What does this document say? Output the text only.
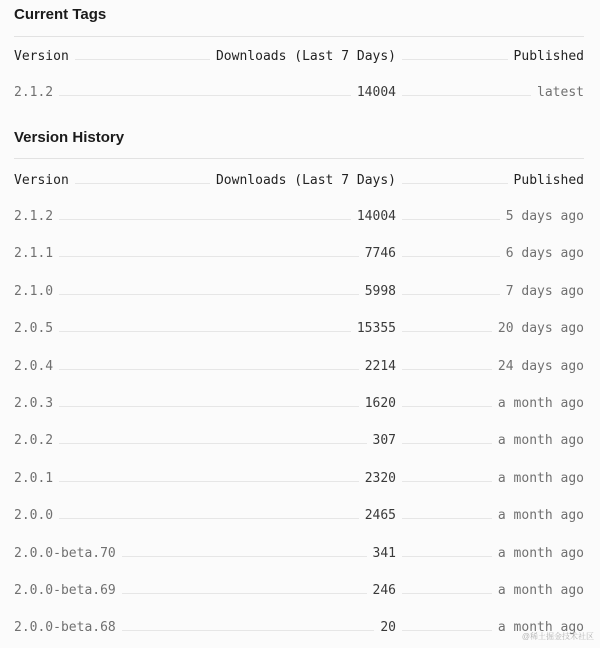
Current Tags
Version	Downloads (Last 7 Days)	Published
2.1.2	14004	latest
Version History
Version	Downloads (Last 7 Days)	Published
2.1.2	14004	5 days ago
2.1.1	7746	6 days ago
2.1.0	5998	7 days ago
2.0.5	15355	20 days ago
2.0.4	2214	24 days ago
2.0.3	1620	a month ago
2.0.2	307	a month ago
2.0.1	2320	a month ago
2.0.0	2465	a month ago
2.0.0-beta.70	341	a month ago
2.0.0-beta.69	246	a month ago
2.0.0-beta.68	20	a month ago
@稀土掘金技术社区
